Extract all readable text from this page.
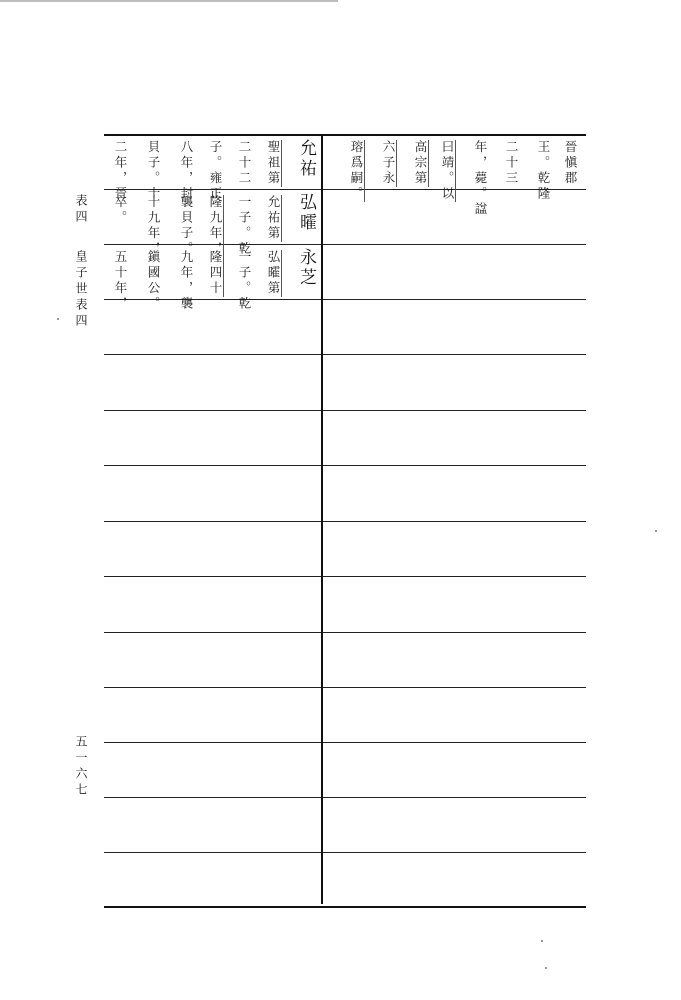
表四
皇子世表四
五一六七
允祐
聖祖第
二十二
子。雍正
八年，封
貝子。十
二年，晉	晉愼郡
王。乾隆
二十三
年，薨。諡
曰靖。以
高宗第
六子永
瑢爲嗣。
弘曤
允祐第
一子。乾
隆九年，
襲貝子。
十九年，
卒。
永芝
弘曤第
一子。乾
隆四十
九年，襲
鎭國公。
五十年，
